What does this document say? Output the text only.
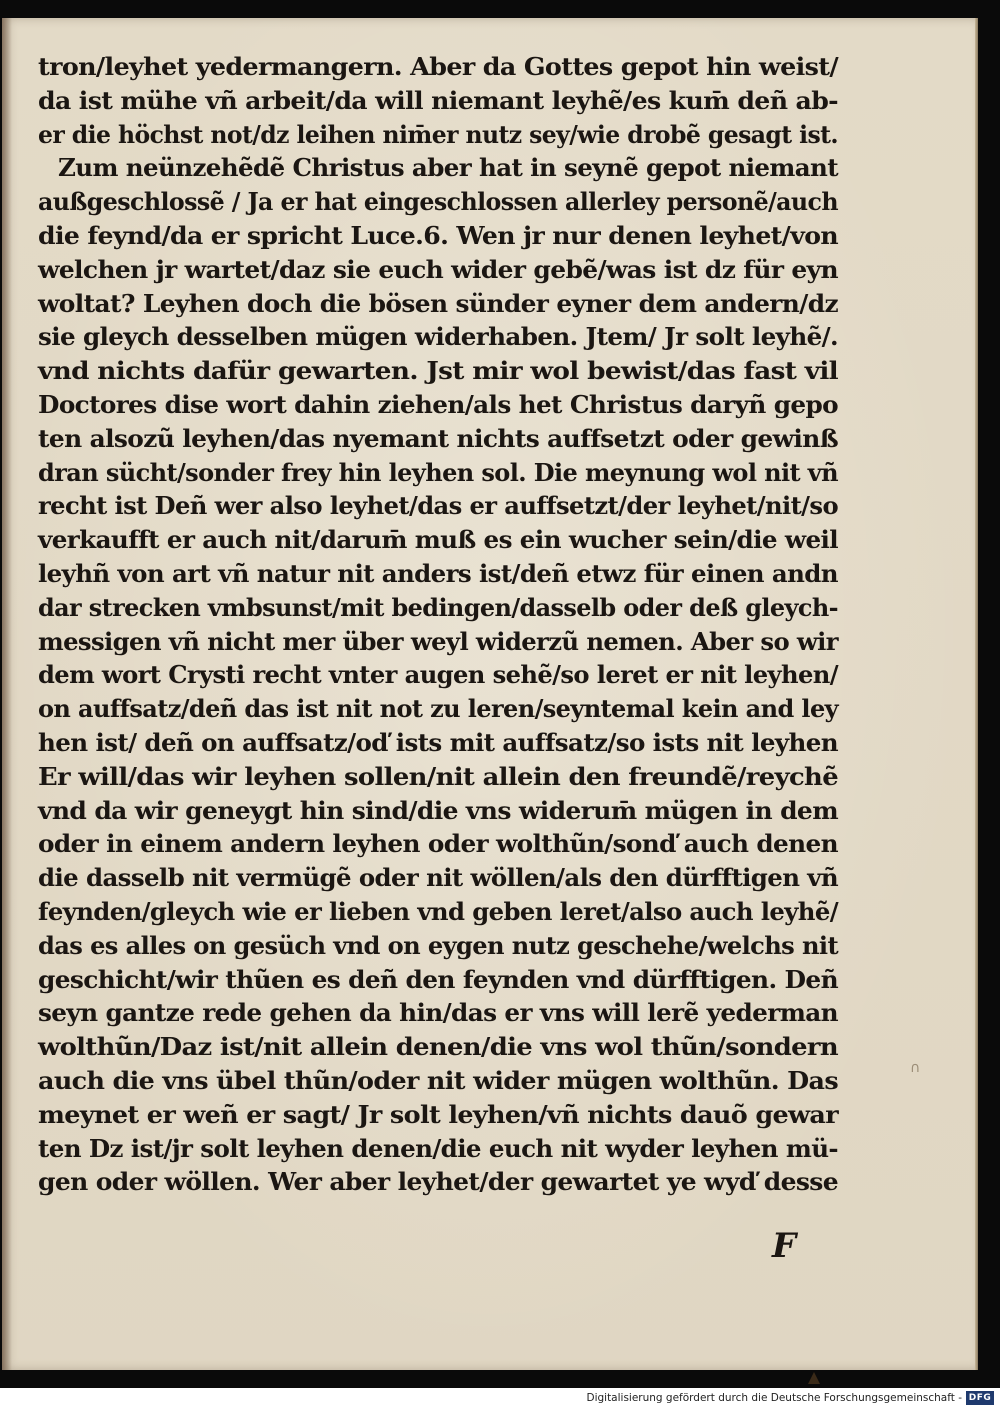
tron/leyhet yedermangern. Aber da Gottes gepot hin weist/
da ist mühe vñ arbeit/da will niemant leyhẽ/es kum̄ deñ ab-
er die höchst not/dz leihen nim̄er nutz sey/wie drobẽ gesagt ist.
Zum neünzehẽdẽ Christus aber hat in seynẽ gepot niemant
außgeschlossẽ / Ja er hat eingeschlossen allerley personẽ/auch
die feynd/da er spricht Luce.6. Wen jr nur denen leyhet/von
welchen jr wartet/daz sie euch wider gebẽ/was ist dz für eyn
woltat? Leyhen doch die bösen sünder eyner dem andern/dz
sie gleych desselben mügen widerhaben. Jtem/ Jr solt leyhẽ/.
vnd nichts dafür gewarten. Jst mir wol bewist/das fast vil
Doctores dise wort dahin ziehen/als het Christus daryñ gepo
ten alsozũ leyhen/das nyemant nichts auffsetzt oder gewinß
dran sücht/sonder frey hin leyhen sol. Die meynung wol nit vñ
recht ist Deñ wer also leyhet/das er auffsetzt/der leyhet/nit/so
verkaufft er auch nit/darum̄ muß es ein wucher sein/die weil
leyhñ von art vñ natur nit anders ist/deñ etwz für einen andn
dar strecken vmbsunst/mit bedingen/dasselb oder deß gleych-
messigen vñ nicht mer über weyl widerzũ nemen. Aber so wir
dem wort Crysti recht vnter augen sehẽ/so leret er nit leyhen/
on auffsatz/deñ das ist nit not zu leren/seyntemal kein and ley
hen ist/ deñ on auffsatz/oď ists mit auffsatz/so ists nit leyhen
Er will/das wir leyhen sollen/nit allein den freundẽ/reychẽ
vnd da wir geneygt hin sind/die vns widerum̄ mügen in dem
oder in einem andern leyhen oder wolthũn/sonď auch denen
die dasselb nit vermügẽ oder nit wöllen/als den dürfftigen vñ
feynden/gleych wie er lieben vnd geben leret/also auch leyhẽ/
das es alles on gesüch vnd on eygen nutz geschehe/welchs nit
geschicht/wir thũen es deñ den feynden vnd dürfftigen. Deñ
seyn gantze rede gehen da hin/das er vns will lerẽ yederman
wolthũn/Daz ist/nit allein denen/die vns wol thũn/sondern
auch die vns übel thũn/oder nit wider mügen wolthũn. Das
meynet er weñ er sagt/ Jr solt leyhen/vñ nichts dauõ gewar
ten Dz ist/jr solt leyhen denen/die euch nit wyder leyhen mü-
gen oder wöllen. Wer aber leyhet/der gewartet ye wyď desse
F
∩
Digitalisierung gefördert durch die Deutsche Forschungsgemeinschaft - DFG
